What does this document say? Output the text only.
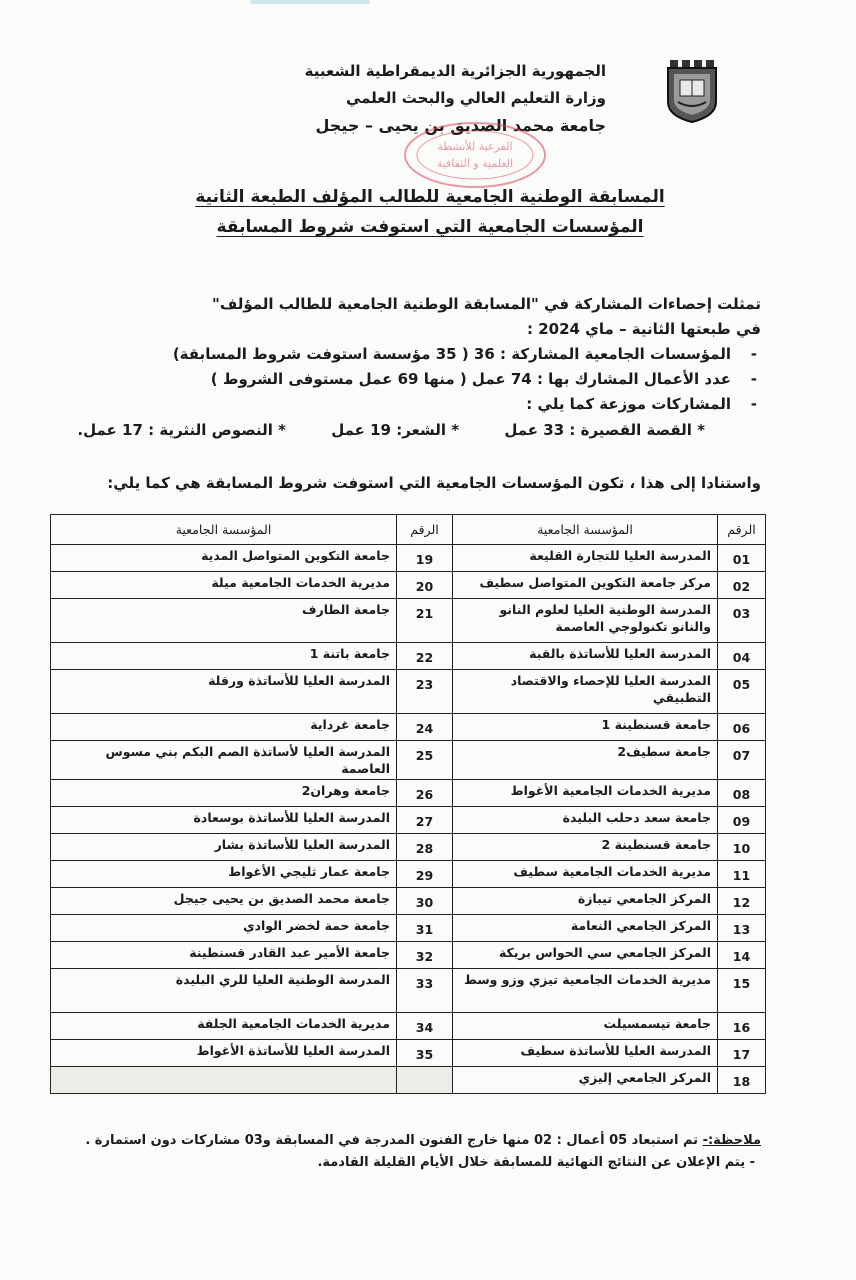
الجمهورية الجزائرية الديمقراطية الشعبية
وزارة التعليم العالي والبحث العلمي
جامعة محمد الصديق بن يحيى – جيجل
الفرعية للأنشطة
العلمية و الثقافية
المسابقة الوطنية الجامعية للطالب المؤلف الطبعة الثانية
المؤسسات الجامعية التي استوفت شروط المسابقة
تمثلت إحصاءات المشاركة في "المسابقة الوطنية الجامعية للطالب المؤلف"
في طبعتها الثانية – ماي 2024 :
- المؤسسات الجامعية المشاركة : 36 ( 35 مؤسسة استوفت شروط المسابقة)
- عدد الأعمال المشارك بها : 74 عمل ( منها 69 عمل مستوفى الشروط )
- المشاركات موزعة كما يلي :
* القصة القصيرة : 33 عمل * الشعر: 19 عمل * النصوص النثرية : 17 عمل.
واستنادا إلى هذا ، تكون المؤسسات الجامعية التي استوفت شروط المسابقة هي كما يلي:
الرقم	المؤسسة الجامعية	الرقم	المؤسسة الجامعية
01	المدرسة العليا للتجارة القليعة	19	جامعة التكوين المتواصل المدية
02	مركز جامعة التكوين المتواصل سطيف	20	مديرية الخدمات الجامعية ميلة
03	المدرسة الوطنية العليا لعلوم النانو والنانو تكنولوجي العاصمة	21	جامعة الطارف
04	المدرسة العليا للأساتذة بالقبة	22	جامعة باتنة 1
05	المدرسة العليا للإحصاء والاقتصاد التطبيقي	23	المدرسة العليا للأساتذة ورقلة
06	جامعة قسنطينة 1	24	جامعة غرداية
07	جامعة سطيف2	25	المدرسة العليا لأساتذة الصم البكم بني مسوس العاصمة
08	مديرية الخدمات الجامعية الأغواط	26	جامعة وهران2
09	جامعة سعد دحلب البليدة	27	المدرسة العليا للأساتذة بوسعادة
10	جامعة قسنطينة 2	28	المدرسة العليا للأساتذة بشار
11	مديرية الخدمات الجامعية سطيف	29	جامعة عمار ثليجي الأغواط
12	المركز الجامعي تيبازة	30	جامعة محمد الصديق بن يحيى جيجل
13	المركز الجامعي النعامة	31	جامعة حمة لخضر الوادي
14	المركز الجامعي سي الحواس بريكة	32	جامعة الأمير عبد القادر قسنطينة
15	مديرية الخدمات الجامعية تيزي وزو وسط	33	المدرسة الوطنية العليا للري البليدة
16	جامعة تيسمسيلت	34	مديرية الخدمات الجامعية الجلفة
17	المدرسة العليا للأساتذة سطيف	35	المدرسة العليا للأساتذة الأغواط
18	المركز الجامعي إليزي		
ملاحظة:- تم استبعاد 05 أعمال : 02 منها خارج الفنون المدرجة في المسابقة و03 مشاركات دون استمارة .
- يتم الإعلان عن النتائج النهائية للمسابقة خلال الأيام القليلة القادمة.
